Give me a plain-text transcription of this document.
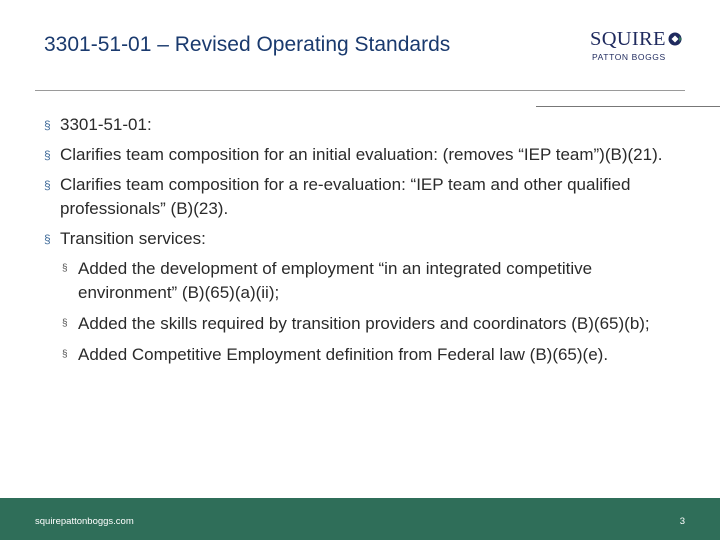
3301-51-01 – Revised Operating Standards	SQUIRE
PATTON BOGGS
§ 3301-51-01:
§ Clarifies team composition for an initial evaluation: (removes “IEP team”)(B)(21).
§ Clarifies team composition for a re-evaluation: “IEP team and other qualified professionals” (B)(23).
§ Transition services:
§ Added the development of employment “in an integrated competitive environment” (B)(65)(a)(ii);
§ Added the skills required by transition providers and coordinators (B)(65)(b);
§ Added Competitive Employment definition from Federal law (B)(65)(e).
squirepattonboggs.com	3
